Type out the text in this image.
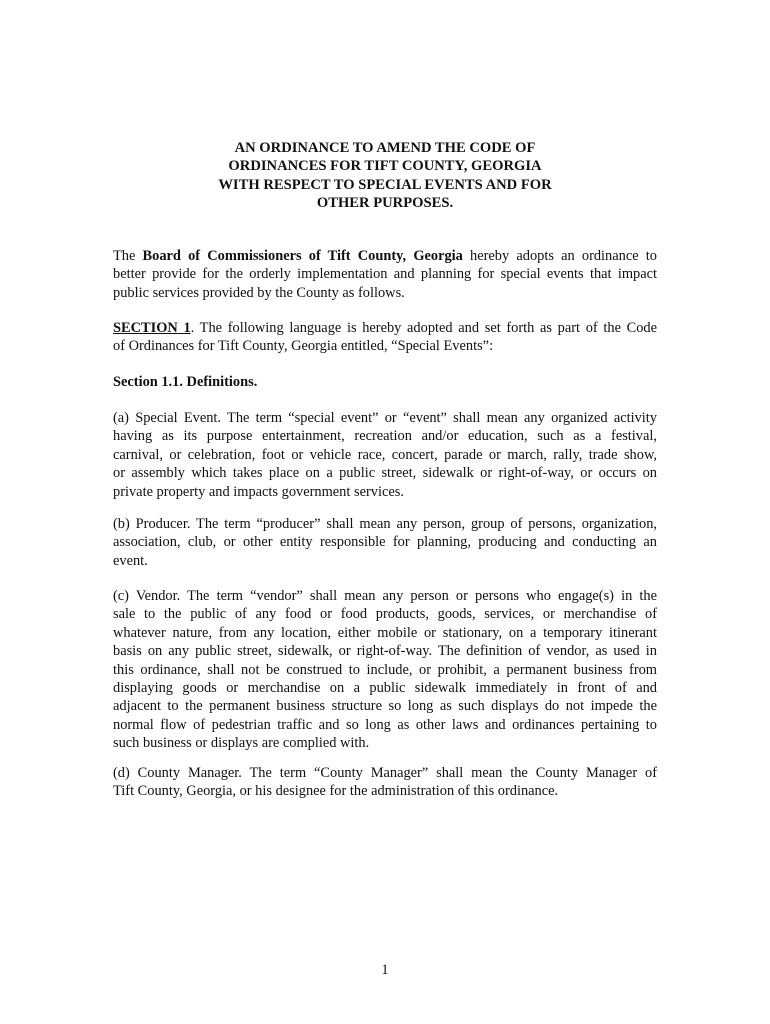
AN ORDINANCE TO AMEND THE CODE OF
ORDINANCES FOR TIFT COUNTY, GEORGIA
WITH RESPECT TO SPECIAL EVENTS AND FOR
OTHER PURPOSES.
The Board of Commissioners of Tift County, Georgia hereby adopts an ordinance to
better provide for the orderly implementation and planning for special events that impact
public services provided by the County as follows.
SECTION 1. The following language is hereby adopted and set forth as part of the Code
of Ordinances for Tift County, Georgia entitled, “Special Events”:
Section 1.1. Definitions.
(a) Special Event. The term “special event” or “event” shall mean any organized activity
having as its purpose entertainment, recreation and/or education, such as a festival,
carnival, or celebration, foot or vehicle race, concert, parade or march, rally, trade show,
or assembly which takes place on a public street, sidewalk or right-of-way, or occurs on
private property and impacts government services.
(b) Producer. The term “producer” shall mean any person, group of persons, organization,
association, club, or other entity responsible for planning, producing and conducting an
event.
(c) Vendor. The term “vendor” shall mean any person or persons who engage(s) in the
sale to the public of any food or food products, goods, services, or merchandise of
whatever nature, from any location, either mobile or stationary, on a temporary itinerant
basis on any public street, sidewalk, or right-of-way. The definition of vendor, as used in
this ordinance, shall not be construed to include, or prohibit, a permanent business from
displaying goods or merchandise on a public sidewalk immediately in front of and
adjacent to the permanent business structure so long as such displays do not impede the
normal flow of pedestrian traffic and so long as other laws and ordinances pertaining to
such business or displays are complied with.
(d) County Manager. The term “County Manager” shall mean the County Manager of
Tift County, Georgia, or his designee for the administration of this ordinance.
1
